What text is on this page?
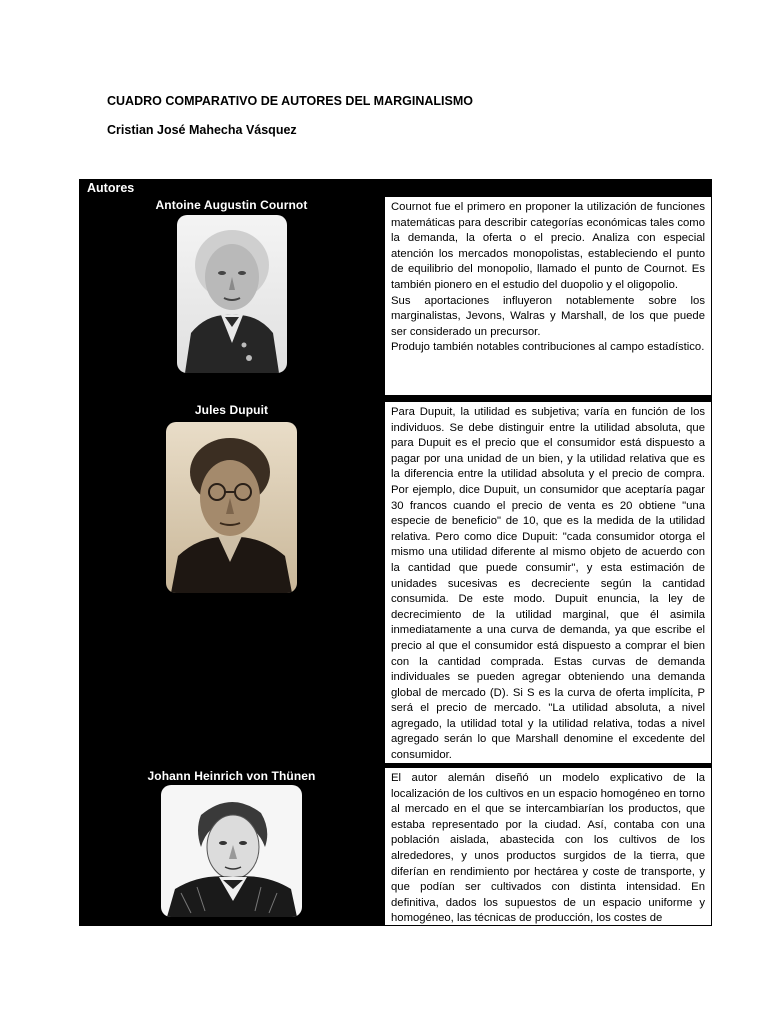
CUADRO COMPARATIVO DE AUTORES DEL MARGINALISMO
Cristian José Mahecha Vásquez
Autores
Antoine Augustin Cournot	Cournot fue el primero en proponer la utilización de funciones matemáticas para describir categorías económicas tales como la demanda, la oferta o el precio. Analiza con especial atención los mercados monopolistas, estableciendo el punto de equilibrio del monopolio, llamado el punto de Cournot. Es también pionero en el estudio del duopolio y el oligopolio.

Sus aportaciones influyeron notablemente sobre los marginalistas, Jevons, Walras y Marshall, de los que puede ser considerado un precursor.

Produjo también notables contribuciones al campo estadístico.

Jules Dupuit	Para Dupuit, la utilidad es subjetiva; varía en función de los individuos. Se debe distinguir entre la utilidad absoluta, que para Dupuit es el precio que el consumidor está dispuesto a pagar por una unidad de un bien, y la utilidad relativa que es la diferencia entre la utilidad absoluta y el precio de compra. Por ejemplo, dice Dupuit, un consumidor que aceptaría pagar 30 francos cuando el precio de venta es 20 obtiene "una especie de beneficio" de 10, que es la medida de la utilidad relativa. Pero como dice Dupuit: "cada consumidor otorga el mismo una utilidad diferente al mismo objeto de acuerdo con la cantidad que puede consumir", y esta estimación de unidades sucesivas es decreciente según la cantidad consumida. De este modo. Dupuit enuncia, la ley de decrecimiento de la utilidad marginal, que él asimila inmediatamente a una curva de demanda, ya que escribe el precio al que el consumidor está dispuesto a comprar el bien con la cantidad comprada. Estas curvas de demanda individuales se pueden agregar obteniendo una demanda global de mercado (D). Si S es la curva de oferta implícita, P será el precio de mercado. "La utilidad absoluta, a nivel agregado, la utilidad total y la utilidad relativa, todas a nivel agregado serán lo que Marshall denomine el excedente del consumidor.

Johann Heinrich von Thünen	El autor alemán diseñó un modelo explicativo de la localización de los cultivos en un espacio homogéneo en torno al mercado en el que se intercambiarían los productos, que estaba representado por la ciudad. Así, contaba con una población aislada, abastecida con los cultivos de los alrededores, y unos productos surgidos de la tierra, que diferían en rendimiento por hectárea y coste de transporte, y que podían ser cultivados con distinta intensidad. En definitiva, dados los supuestos de un espacio uniforme y homogéneo, las técnicas de producción, los costes de
